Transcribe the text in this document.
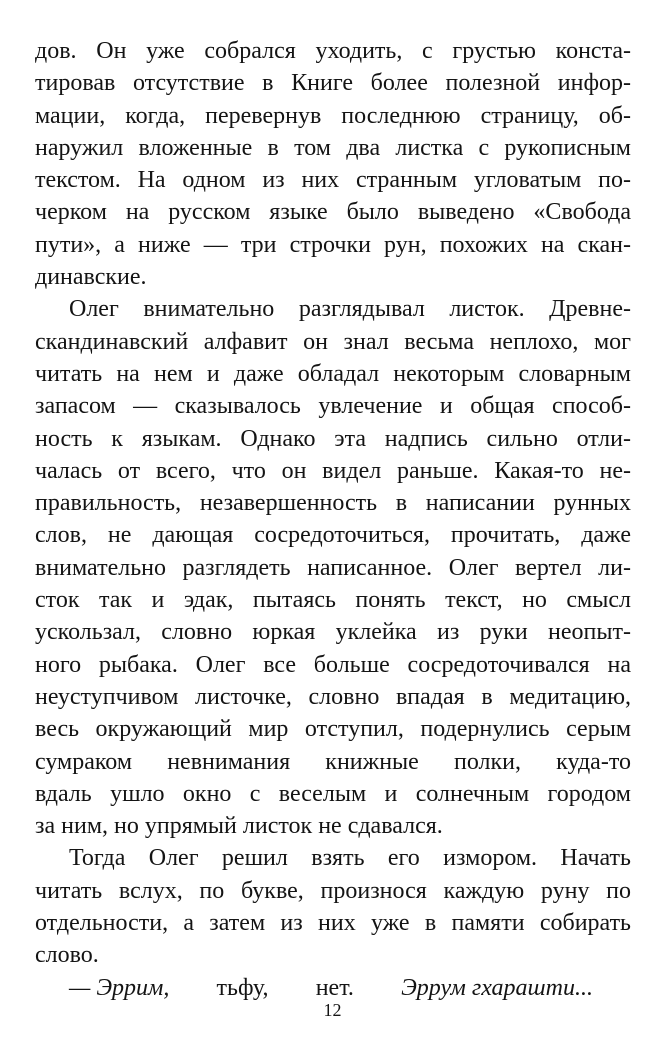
дов. Он уже собрался уходить, с грустью конста-
тировав отсутствие в Книге более полезной инфор-
мации, когда, перевернув последнюю страницу, об-
наружил вложенные в том два листка с рукописным
текстом. На одном из них странным угловатым по-
черком на русском языке было выведено «Свобода
пути», а ниже — три строчки рун, похожих на скан-
динавские.
Олег внимательно разглядывал листок. Древне-
скандинавский алфавит он знал весьма неплохо, мог
читать на нем и даже обладал некоторым словарным
запасом — сказывалось увлечение и общая способ-
ность к языкам. Однако эта надпись сильно отли-
чалась от всего, что он видел раньше. Какая-то не-
правильность, незавершенность в написании рунных
слов, не дающая сосредоточиться, прочитать, даже
внимательно разглядеть написанное. Олег вертел ли-
сток так и эдак, пытаясь понять текст, но смысл
ускользал, словно юркая уклейка из руки неопыт-
ного рыбака. Олег все больше сосредоточивался на
неуступчивом листочке, словно впадая в медитацию,
весь окружающий мир отступил, подернулись серым
сумраком невнимания книжные полки, куда-то
вдаль ушло окно с веселым и солнечным городом
за ним, но упрямый листок не сдавался.
Тогда Олег решил взять его измором. Начать
читать вслух, по букве, произнося каждую руну по
отдельности, а затем из них уже в памяти собирать
слово.
— Эррим, тьфу, нет. Эррум гхарашти...
12
